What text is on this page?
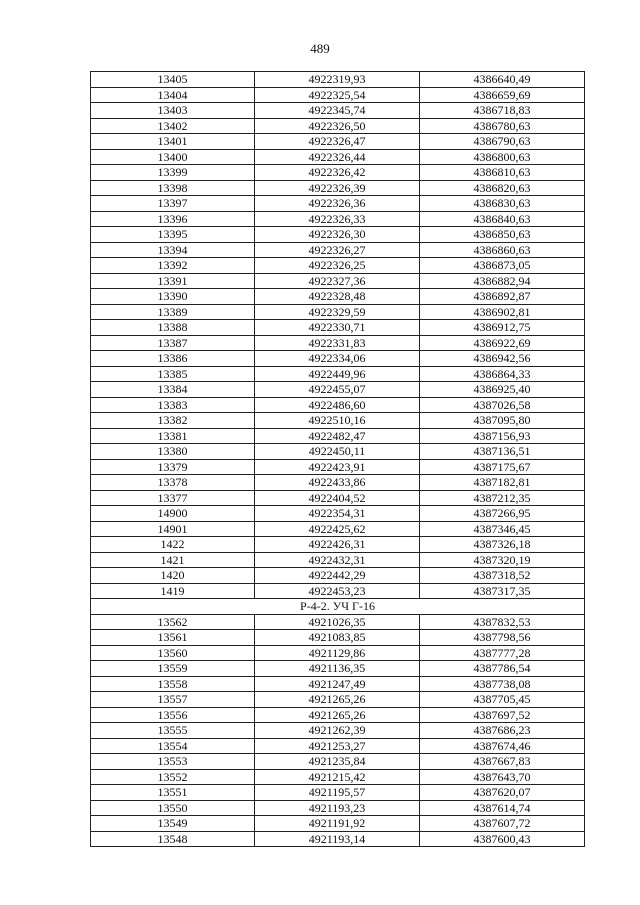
489
13405	4922319,93	4386640,49
13404	4922325,54	4386659,69
13403	4922345,74	4386718,83
13402	4922326,50	4386780,63
13401	4922326,47	4386790,63
13400	4922326,44	4386800,63
13399	4922326,42	4386810,63
13398	4922326,39	4386820,63
13397	4922326,36	4386830,63
13396	4922326,33	4386840,63
13395	4922326,30	4386850,63
13394	4922326,27	4386860,63
13392	4922326,25	4386873,05
13391	4922327,36	4386882,94
13390	4922328,48	4386892,87
13389	4922329,59	4386902,81
13388	4922330,71	4386912,75
13387	4922331,83	4386922,69
13386	4922334,06	4386942,56
13385	4922449,96	4386864,33
13384	4922455,07	4386925,40
13383	4922486,60	4387026,58
13382	4922510,16	4387095,80
13381	4922482,47	4387156,93
13380	4922450,11	4387136,51
13379	4922423,91	4387175,67
13378	4922433,86	4387182,81
13377	4922404,52	4387212,35
14900	4922354,31	4387266,95
14901	4922425,62	4387346,45
1422	4922426,31	4387326,18
1421	4922432,31	4387320,19
1420	4922442,29	4387318,52
1419	4922453,23	4387317,35
Р-4-2. УЧ Г-16		
13562	4921026,35	4387832,53
13561	4921083,85	4387798,56
13560	4921129,86	4387777,28
13559	4921136,35	4387786,54
13558	4921247,49	4387738,08
13557	4921265,26	4387705,45
13556	4921265,26	4387697,52
13555	4921262,39	4387686,23
13554	4921253,27	4387674,46
13553	4921235,84	4387667,83
13552	4921215,42	4387643,70
13551	4921195,57	4387620,07
13550	4921193,23	4387614,74
13549	4921191,92	4387607,72
13548	4921193,14	4387600,43
